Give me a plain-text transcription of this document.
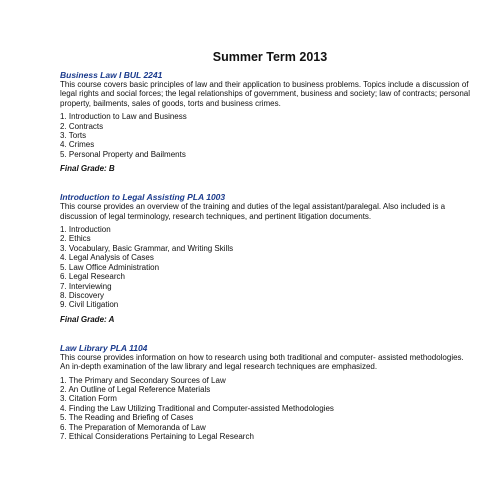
Summer Term 2013

Business Law I BUL 2241

This course covers basic principles of law and their application to business problems. Topics include a discussion of legal rights and social forces; the legal relationships of government, business and society; law of contracts; personal property, bailments, sales of goods, torts and business crimes.

1. Introduction to Law and Business
2. Contracts
3. Torts
4. Crimes
5. Personal Property and Bailments

Final Grade: B

Introduction to Legal Assisting PLA 1003

This course provides an overview of the training and duties of the legal assistant/paralegal. Also included is a discussion of legal terminology, research techniques, and pertinent litigation documents.

1. Introduction
2. Ethics
3. Vocabulary, Basic Grammar, and Writing Skills
4. Legal Analysis of Cases
5. Law Office Administration
6. Legal Research
7. Interviewing
8. Discovery
9. Civil Litigation

Final Grade: A

Law Library PLA 1104

This course provides information on how to research using both traditional and computer- assisted methodologies. An in-depth examination of the law library and legal research techniques are emphasized.

1. The Primary and Secondary Sources of Law
2. An Outline of Legal Reference Materials
3. Citation Form
4. Finding the Law Utilizing Traditional and Computer-assisted Methodologies
5. The Reading and Briefing of Cases
6. The Preparation of Memoranda of Law
7. Ethical Considerations Pertaining to Legal Research
